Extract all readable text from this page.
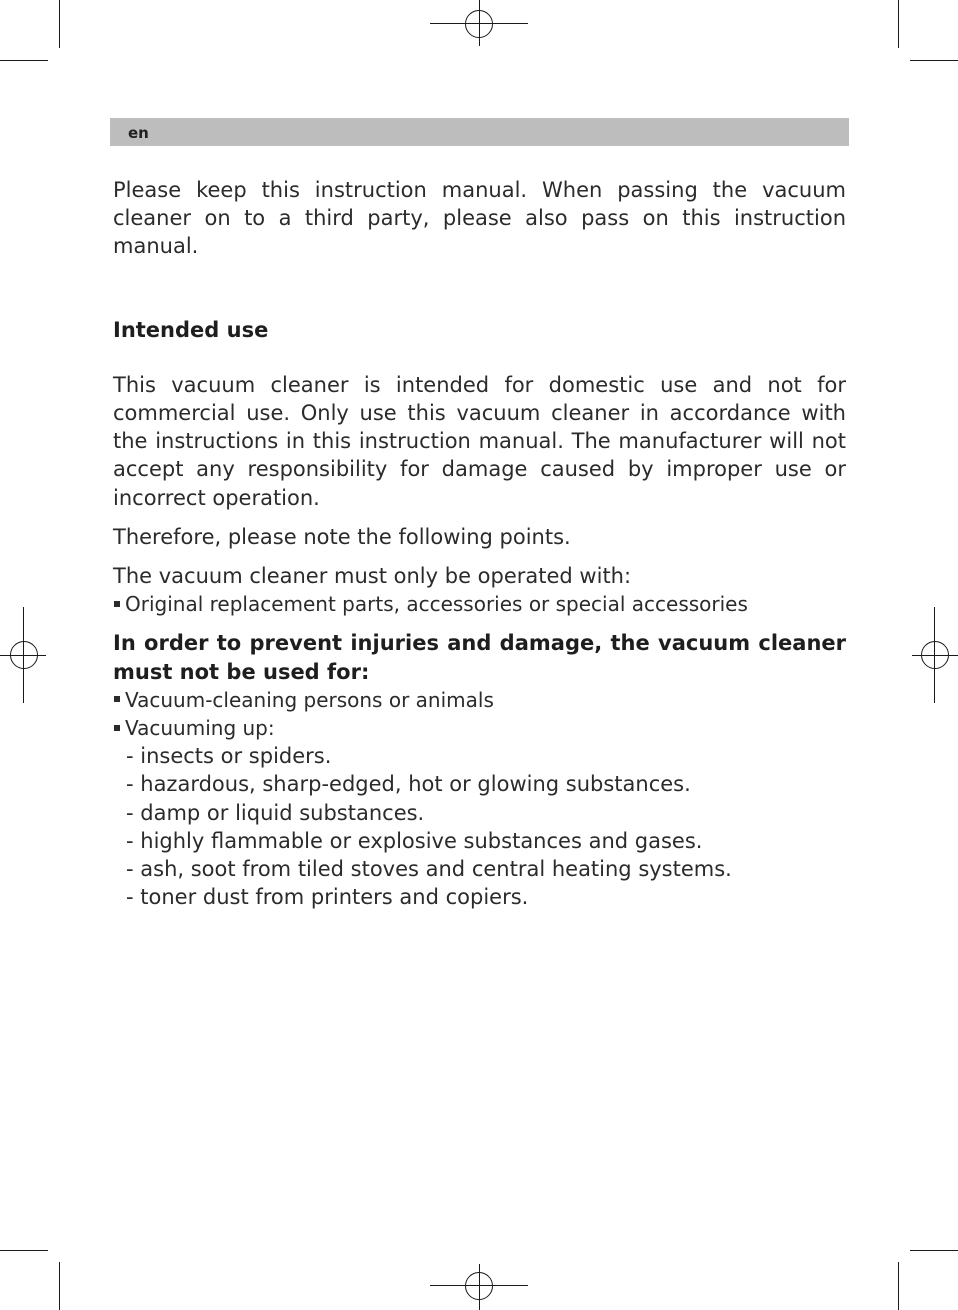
en

Please keep this instruction manual. When passing the vacuum cleaner on to a third party, please also pass on this instruction manual.

Intended use

This vacuum cleaner is intended for domestic use and not for commercial use. Only use this vacuum cleaner in accordance with the instructions in this instruction manual. The manufacturer will not accept any responsibility for damage caused by improper use or incorrect operation.

Therefore, please note the following points.

The vacuum cleaner must only be operated with:

Original replacement parts, accessories or special accessories

In order to prevent injuries and damage, the vacuum cleaner must not be used for:

Vacuum-cleaning persons or animals

Vacuuming up:

- insects or spiders.

- hazardous, sharp-edged, hot or glowing substances.

- damp or liquid substances.

- highly flammable or explosive substances and gases.

- ash, soot from tiled stoves and central heating systems.

- toner dust from printers and copiers.
